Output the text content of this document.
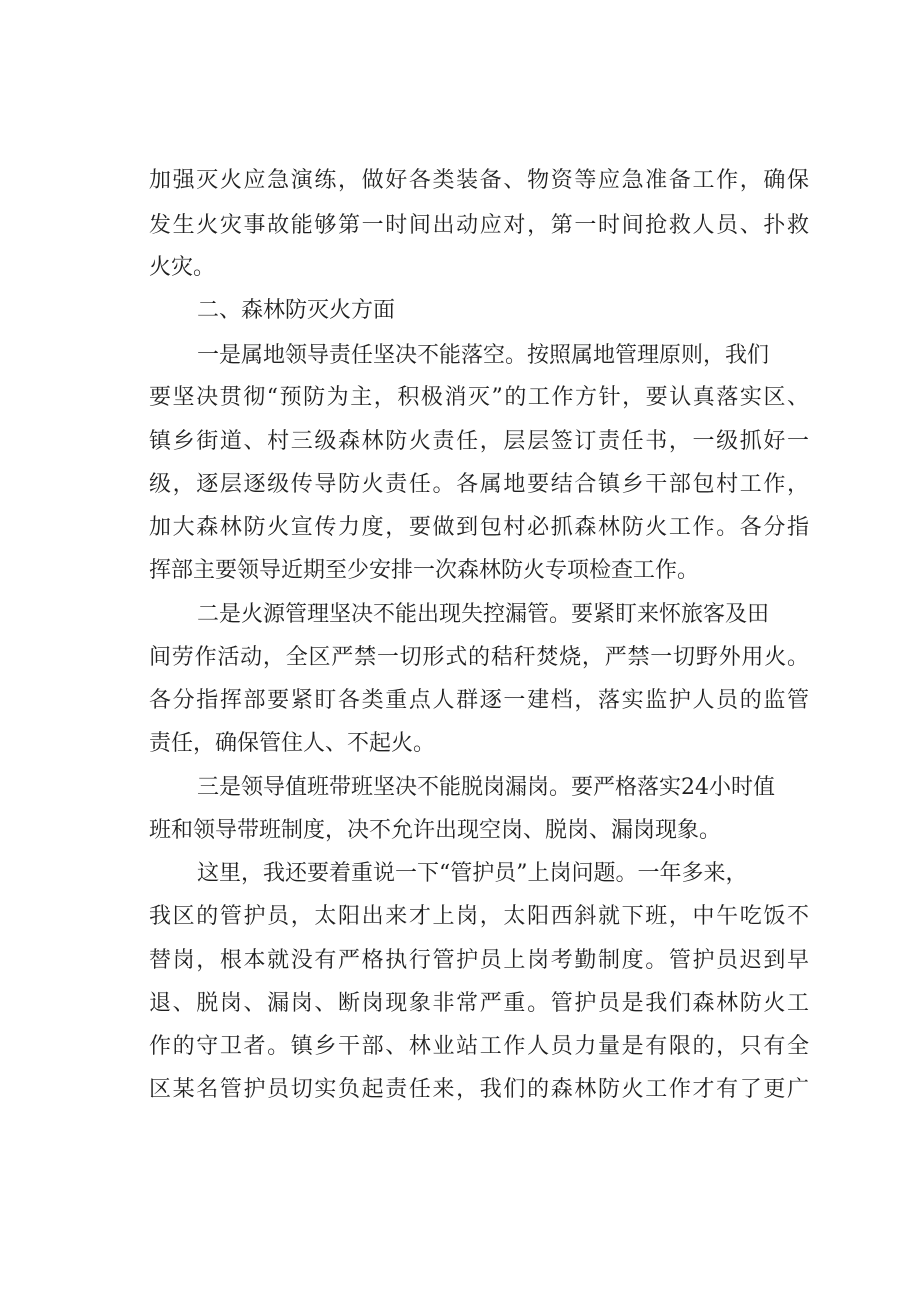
加强灭火应急演练，做好各类装备、物资等应急准备工作，确保
发生火灾事故能够第一时间出动应对，第一时间抢救人员、扑救
火灾。
二、森林防灭火方面
一是属地领导责任坚决不能落空。按照属地管理原则，我们
要坚决贯彻“预防为主，积极消灭”的工作方针，要认真落实区、
镇乡街道、村三级森林防火责任，层层签订责任书，一级抓好一
级，逐层逐级传导防火责任。各属地要结合镇乡干部包村工作，
加大森林防火宣传力度，要做到包村必抓森林防火工作。各分指
挥部主要领导近期至少安排一次森林防火专项检查工作。
二是火源管理坚决不能出现失控漏管。要紧盯来怀旅客及田
间劳作活动，全区严禁一切形式的秸秆焚烧，严禁一切野外用火。
各分指挥部要紧盯各类重点人群逐一建档，落实监护人员的监管
责任，确保管住人、不起火。
三是领导值班带班坚决不能脱岗漏岗。要严格落实24小时值
班和领导带班制度，决不允许出现空岗、脱岗、漏岗现象。
这里，我还要着重说一下“管护员”上岗问题。一年多来，
我区的管护员，太阳出来才上岗，太阳西斜就下班，中午吃饭不
替岗，根本就没有严格执行管护员上岗考勤制度。管护员迟到早
退、脱岗、漏岗、断岗现象非常严重。管护员是我们森林防火工
作的守卫者。镇乡干部、林业站工作人员力量是有限的，只有全
区某名管护员切实负起责任来，我们的森林防火工作才有了更广
